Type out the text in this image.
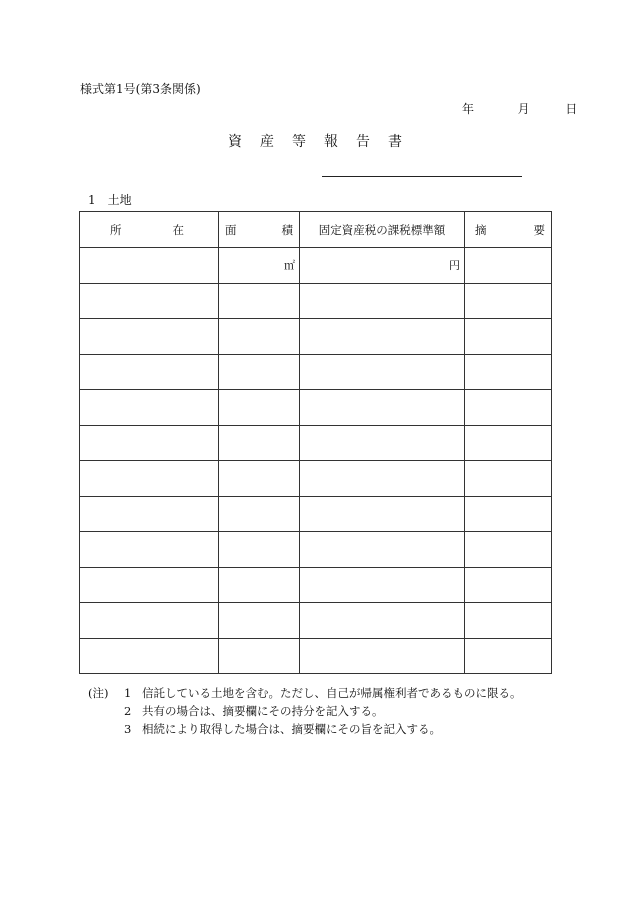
様式第1号(第3条関係)
年	月	日
資 産 等 報 告 書
1 土地
所 在	面 積	固定資産税の課税標準額	摘 要

	㎡	円	

(注)	1 信託している土地を含む。ただし、自己が帰属権利者であるものに限る。
2 共有の場合は、摘要欄にその持分を記入する。
3 相続により取得した場合は、摘要欄にその旨を記入する。
